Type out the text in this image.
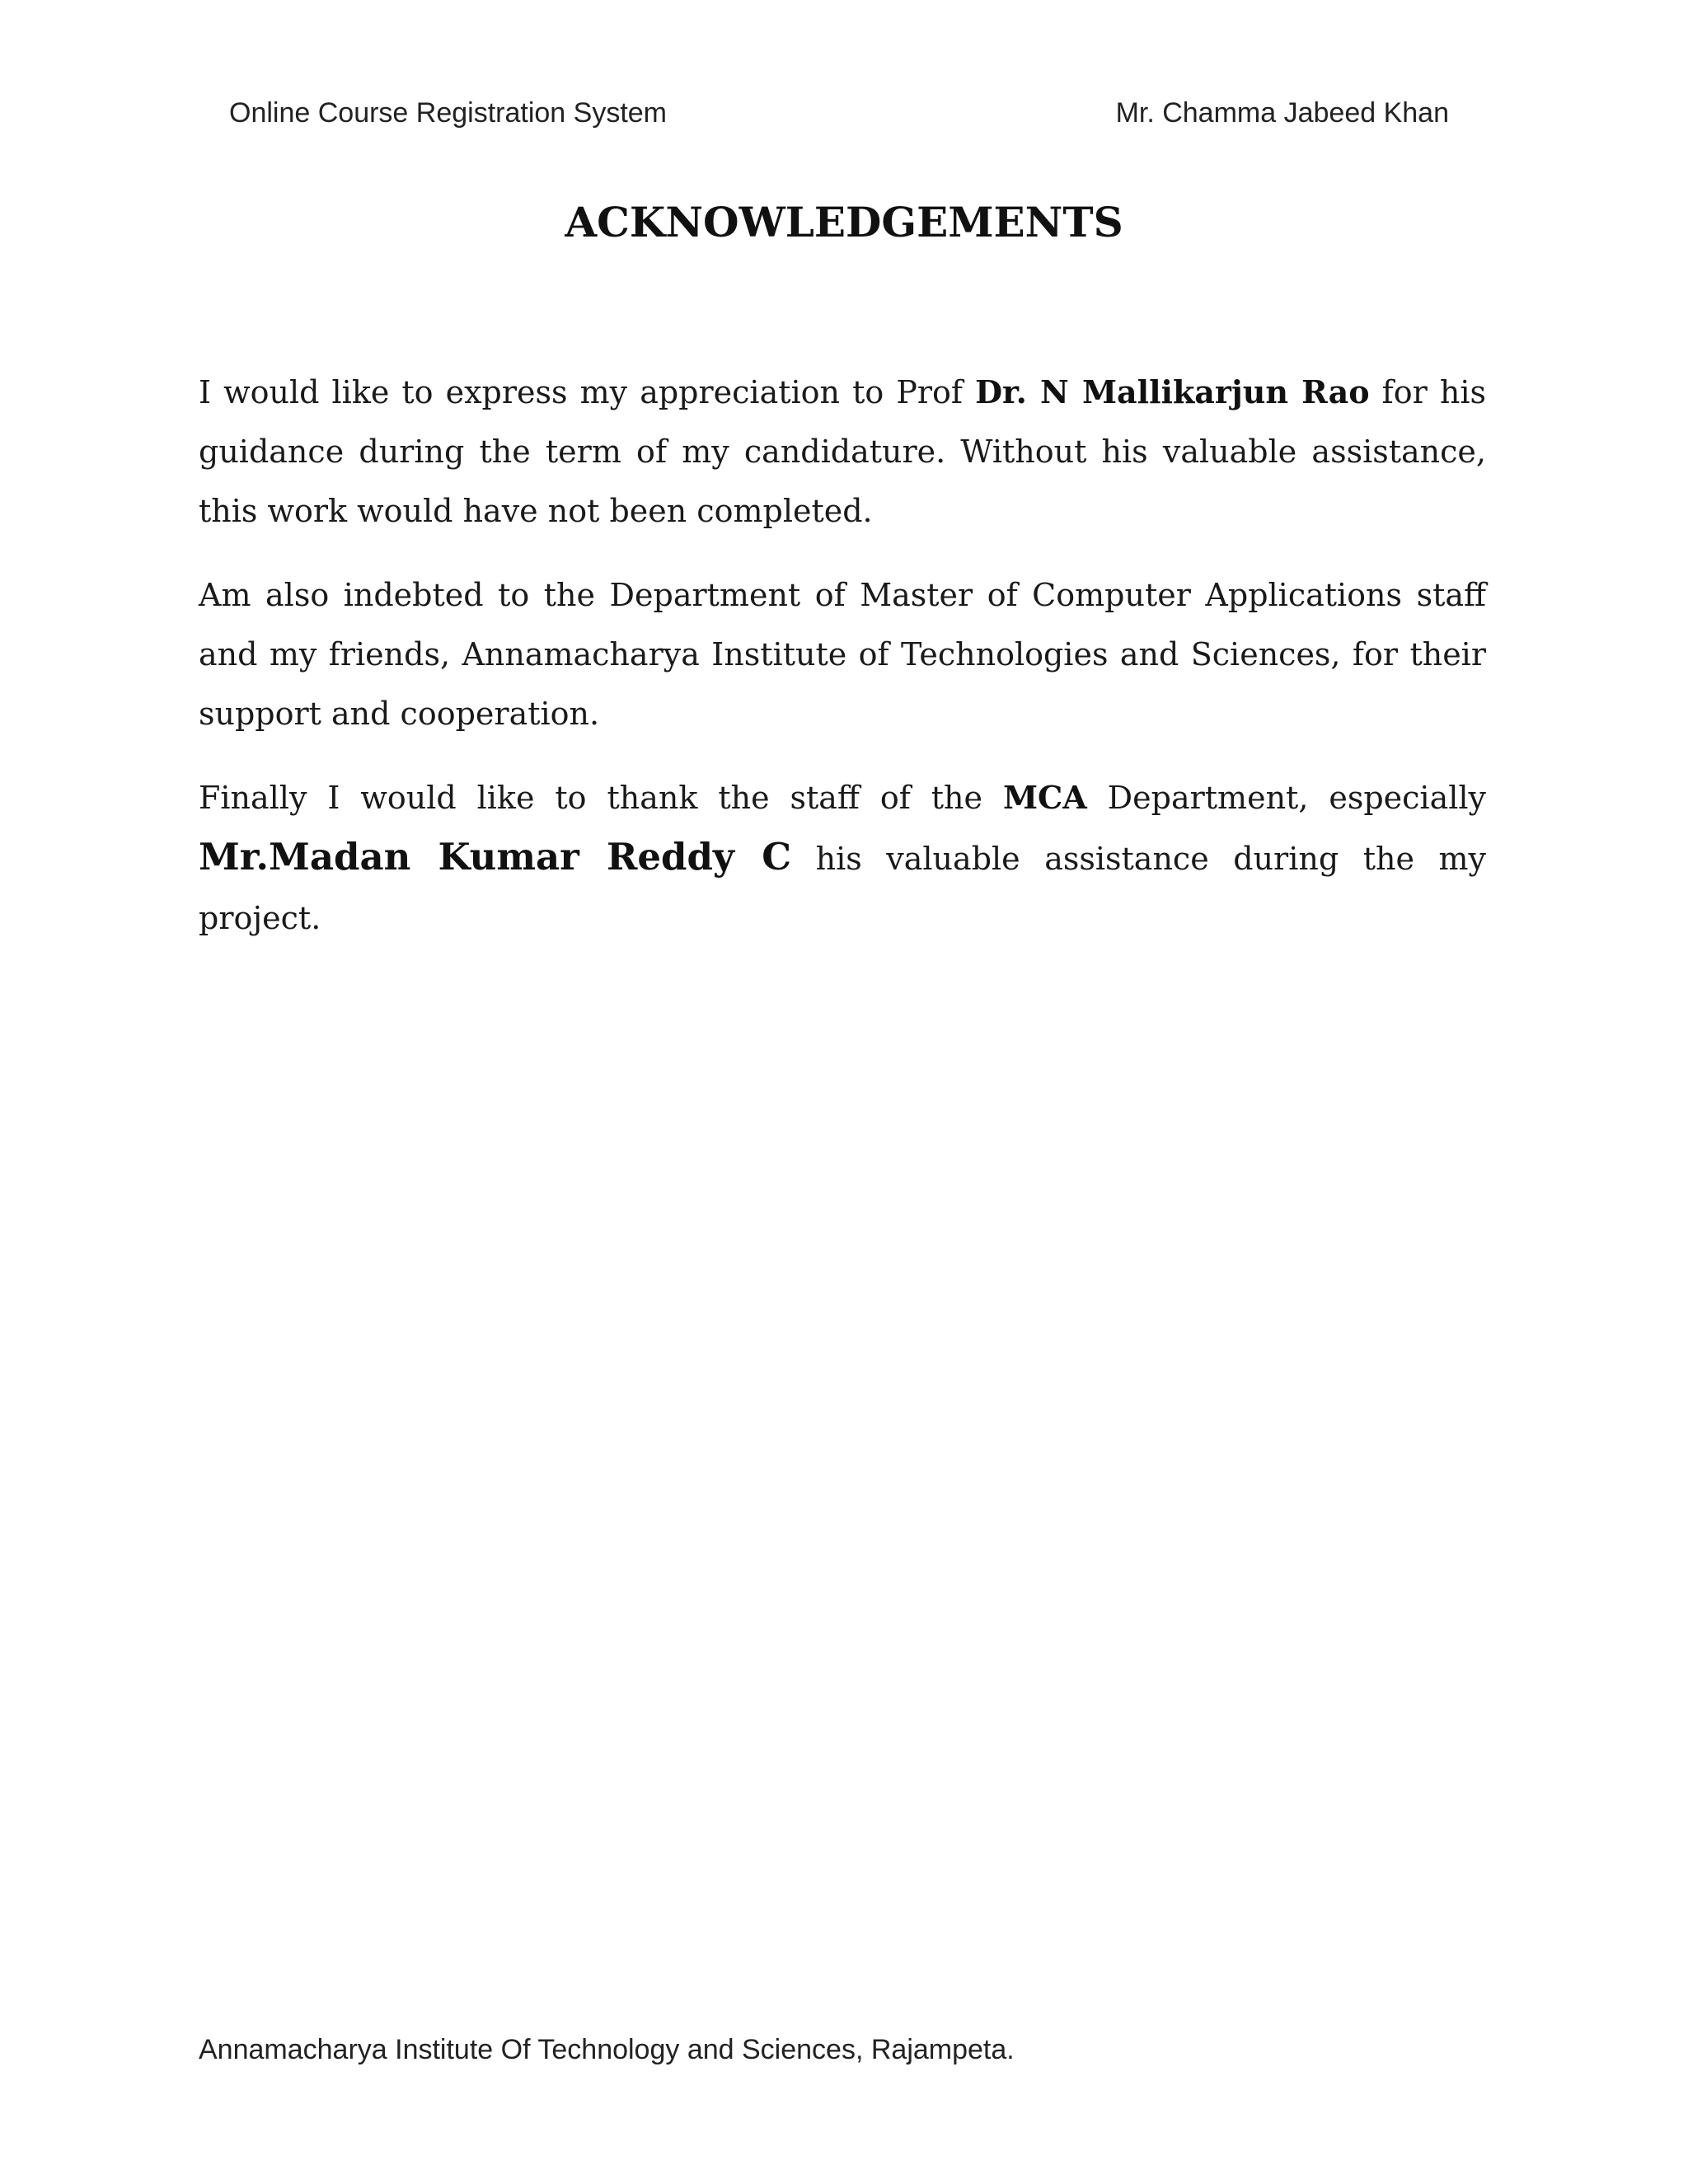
Online Course Registration System	Mr. Chamma Jabeed Khan
ACKNOWLEDGEMENTS

I would like to express my appreciation to Prof Dr. N Mallikarjun Rao for his guidance during the term of my candidature. Without his valuable assistance, this work would have not been completed.

Am also indebted to the Department of Master of Computer Applications staff and my friends, Annamacharya Institute of Technologies and Sciences, for their support and cooperation.

Finally I would like to thank the staff of the MCA Department, especially Mr.Madan Kumar Reddy C his valuable assistance during the my project.

Annamacharya Institute Of Technology and Sciences, Rajampeta.
